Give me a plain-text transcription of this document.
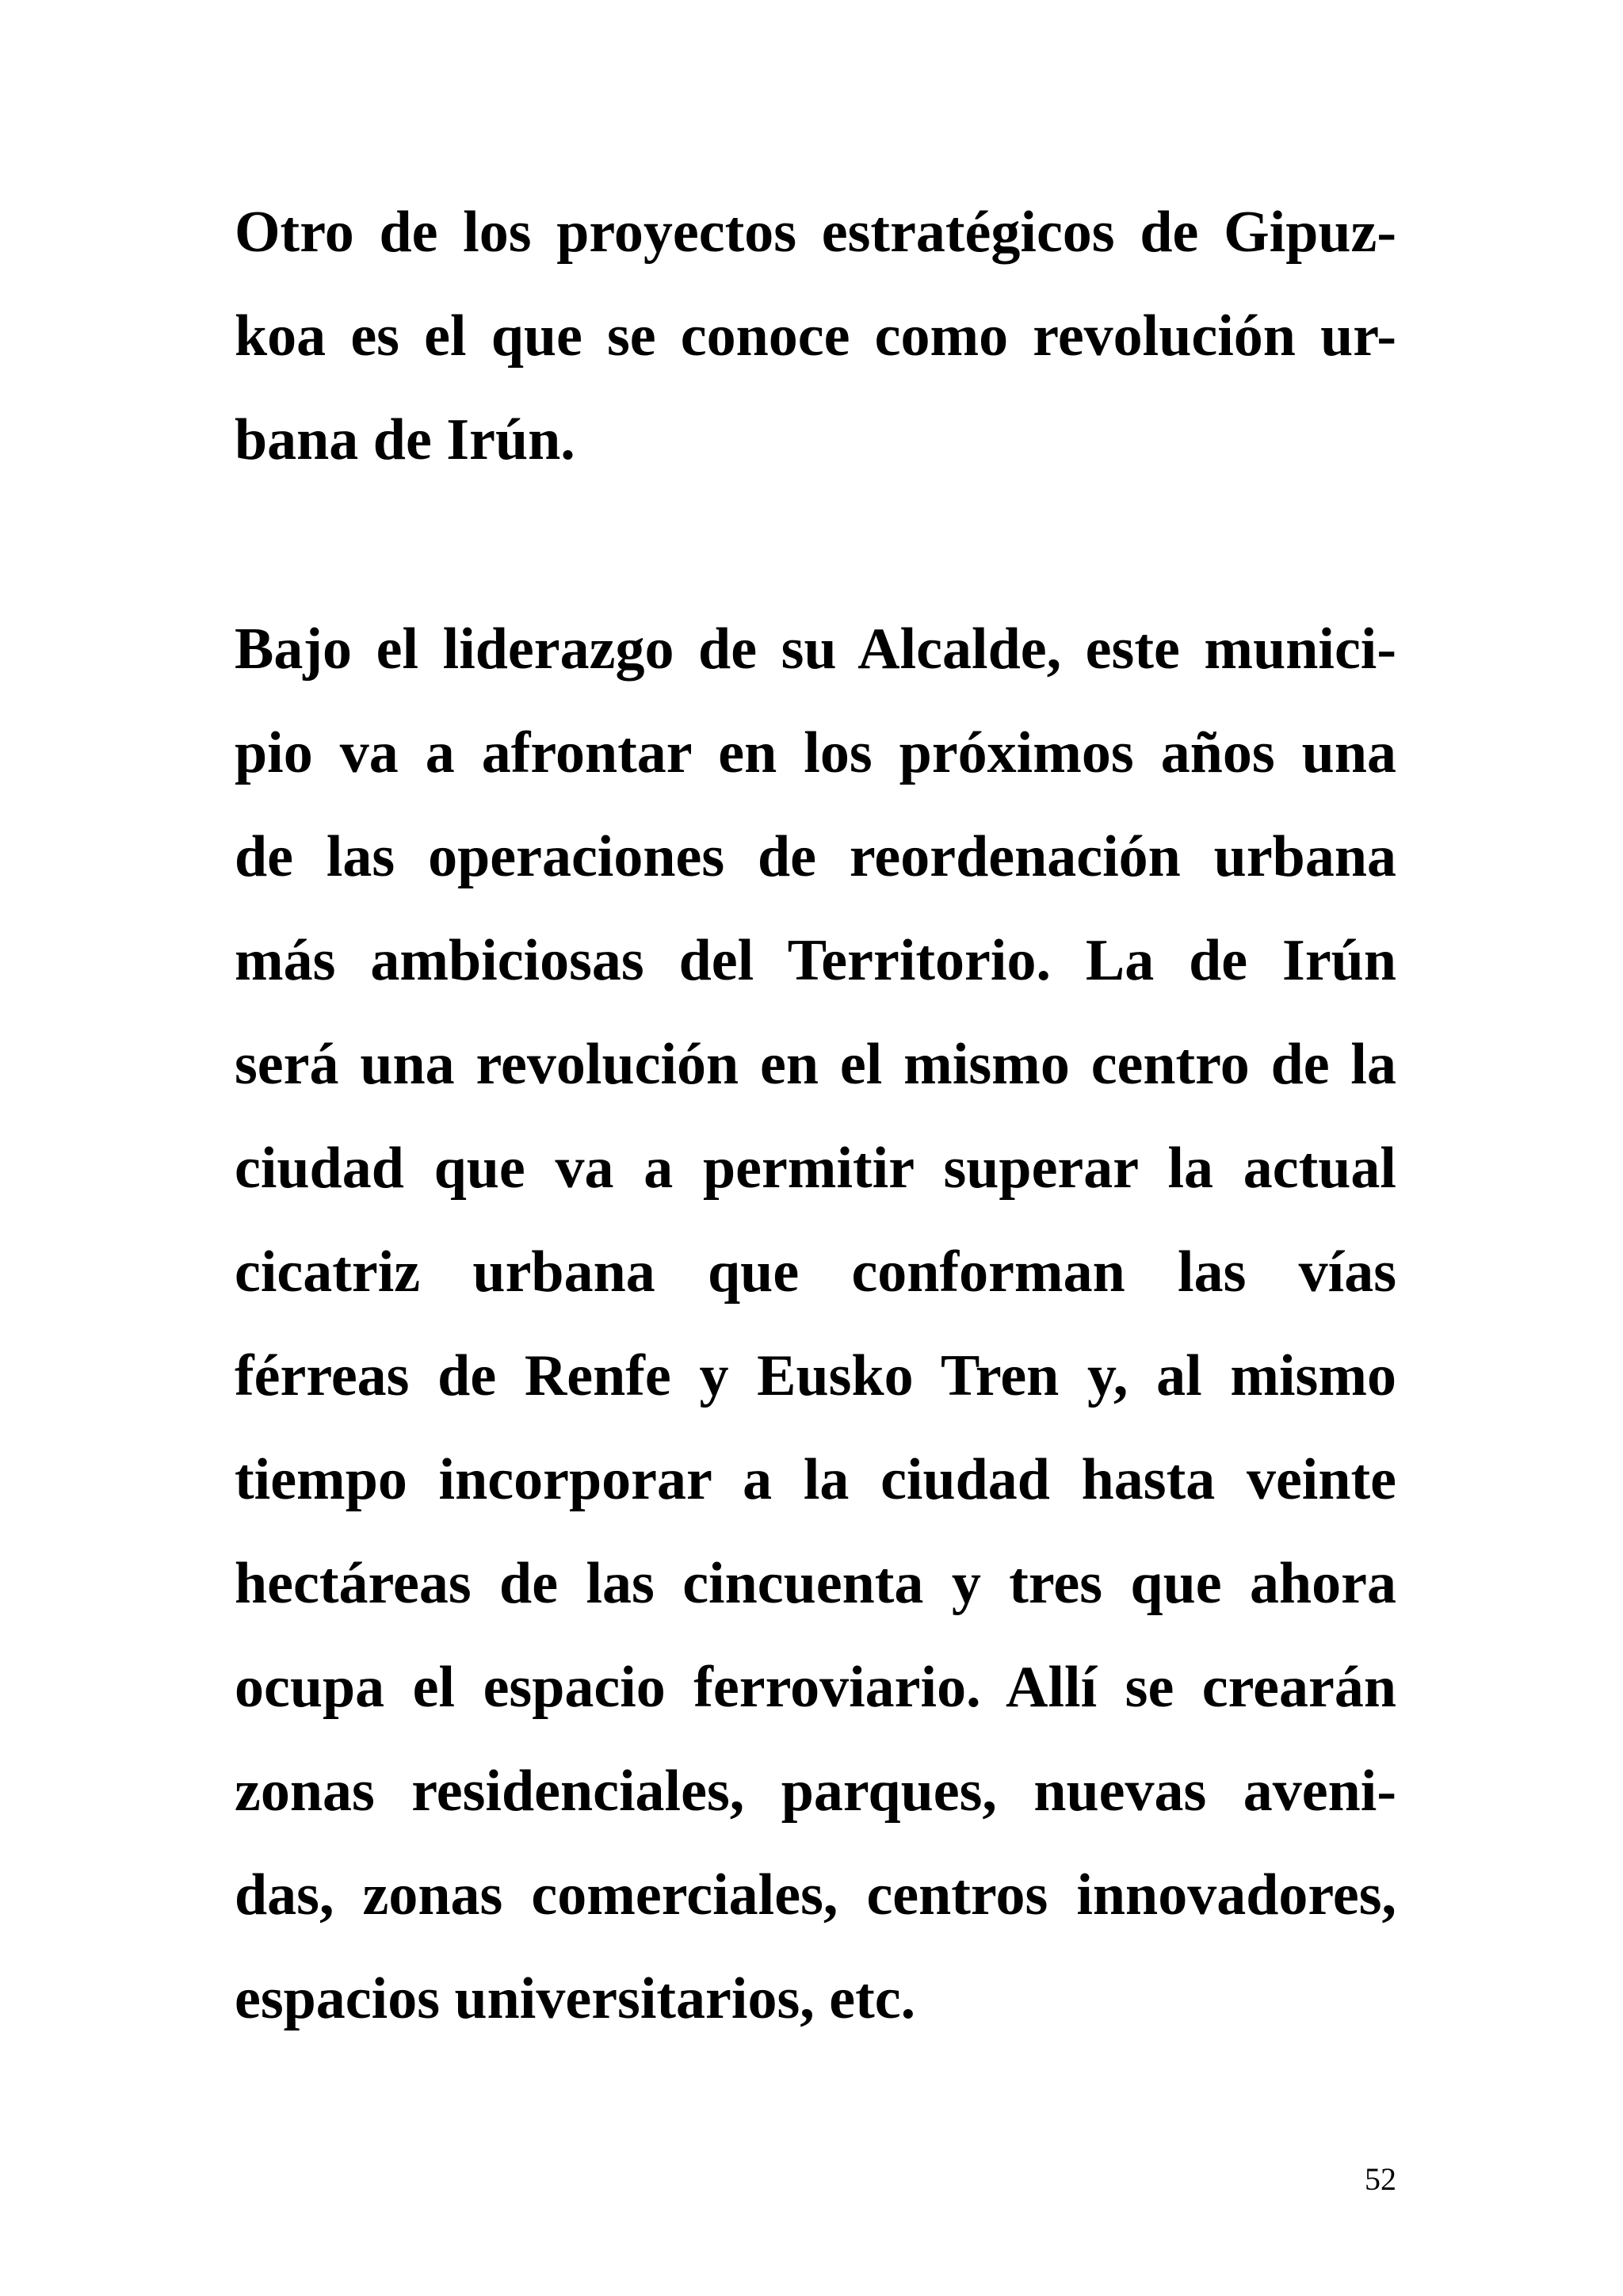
Otro de los proyectos estratégicos de Gipuz-
koa es el que se conoce como revolución ur-
bana de Irún.
Bajo el liderazgo de su Alcalde, este munici-
pio va a afrontar en los próximos años una
de las operaciones de reordenación urbana
más ambiciosas del Territorio. La de Irún
será una revolución en el mismo centro de la
ciudad que va a permitir superar la actual
cicatriz urbana que conforman las vías
férreas de Renfe y Eusko Tren y, al mismo
tiempo incorporar a la ciudad hasta veinte
hectáreas de las cincuenta y tres que ahora
ocupa el espacio ferroviario. Allí se crearán
zonas residenciales, parques, nuevas aveni-
das, zonas comerciales, centros innovadores,
espacios universitarios, etc.
52
